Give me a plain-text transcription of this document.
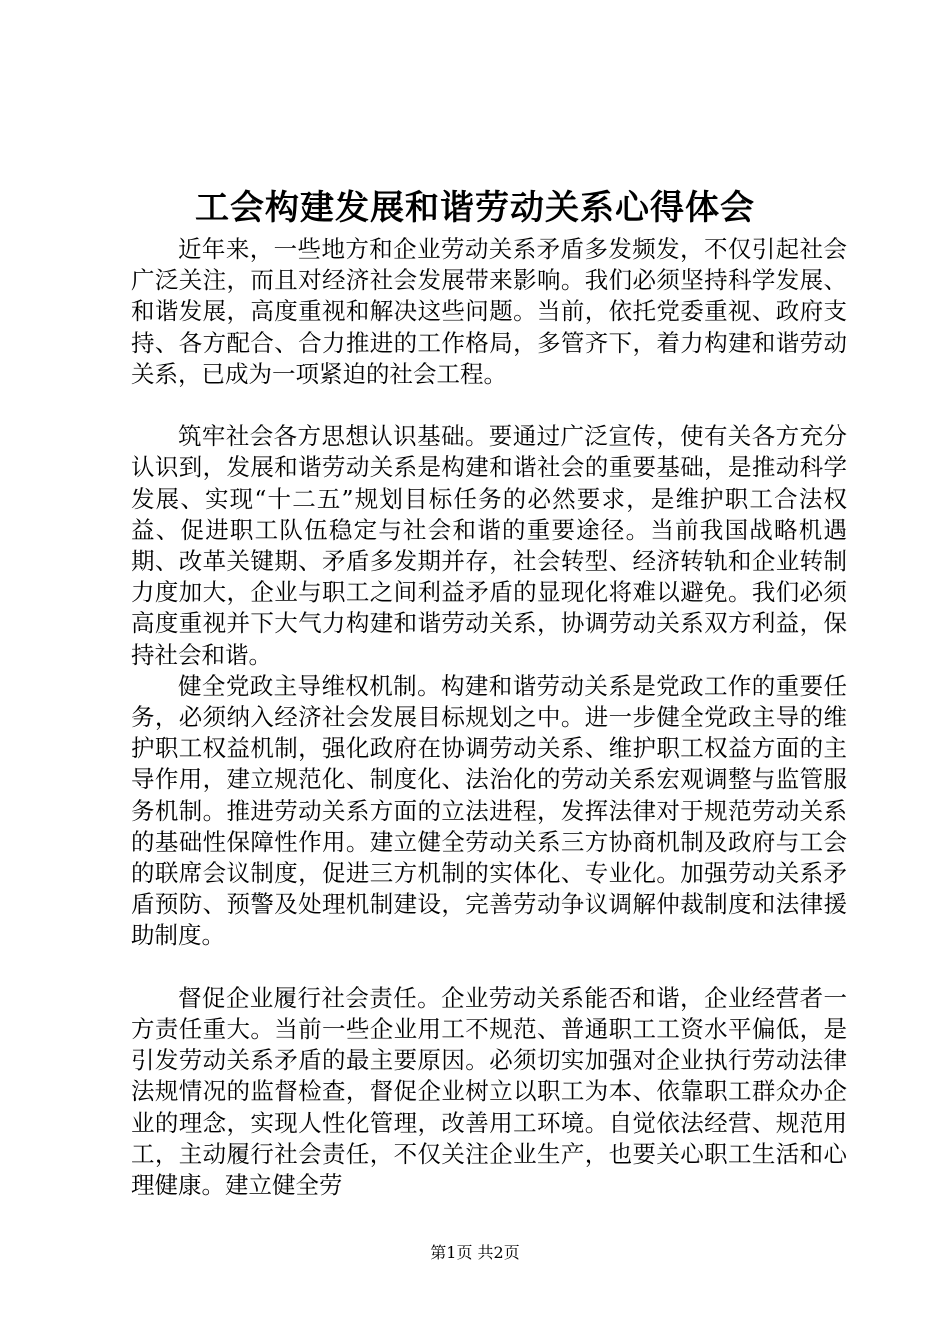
工会构建发展和谐劳动关系心得体会

近年来，一些地方和企业劳动关系矛盾多发频发，不仅引起社会广泛关注，而且对经济社会发展带来影响。我们必须坚持科学发展、和谐发展，高度重视和解决这些问题。当前，依托党委重视、政府支持、各方配合、合力推进的工作格局，多管齐下，着力构建和谐劳动关系，已成为一项紧迫的社会工程。

筑牢社会各方思想认识基础。要通过广泛宣传，使有关各方充分认识到，发展和谐劳动关系是构建和谐社会的重要基础，是推动科学发展、实现“十二五”规划目标任务的必然要求，是维护职工合法权益、促进职工队伍稳定与社会和谐的重要途径。当前我国战略机遇期、改革关键期、矛盾多发期并存，社会转型、经济转轨和企业转制力度加大，企业与职工之间利益矛盾的显现化将难以避免。我们必须高度重视并下大气力构建和谐劳动关系，协调劳动关系双方利益，保持社会和谐。

健全党政主导维权机制。构建和谐劳动关系是党政工作的重要任务，必须纳入经济社会发展目标规划之中。进一步健全党政主导的维护职工权益机制，强化政府在协调劳动关系、维护职工权益方面的主导作用，建立规范化、制度化、法治化的劳动关系宏观调整与监管服务机制。推进劳动关系方面的立法进程，发挥法律对于规范劳动关系的基础性保障性作用。建立健全劳动关系三方协商机制及政府与工会的联席会议制度，促进三方机制的实体化、专业化。加强劳动关系矛盾预防、预警及处理机制建设，完善劳动争议调解仲裁制度和法律援助制度。

督促企业履行社会责任。企业劳动关系能否和谐，企业经营者一方责任重大。当前一些企业用工不规范、普通职工工资水平偏低，是引发劳动关系矛盾的最主要原因。必须切实加强对企业执行劳动法律法规情况的监督检查，督促企业树立以职工为本、依靠职工群众办企业的理念，实现人性化管理，改善用工环境。自觉依法经营、规范用工，主动履行社会责任，不仅关注企业生产，也要关心职工生活和心理健康。建立健全劳

第1页 共2页
